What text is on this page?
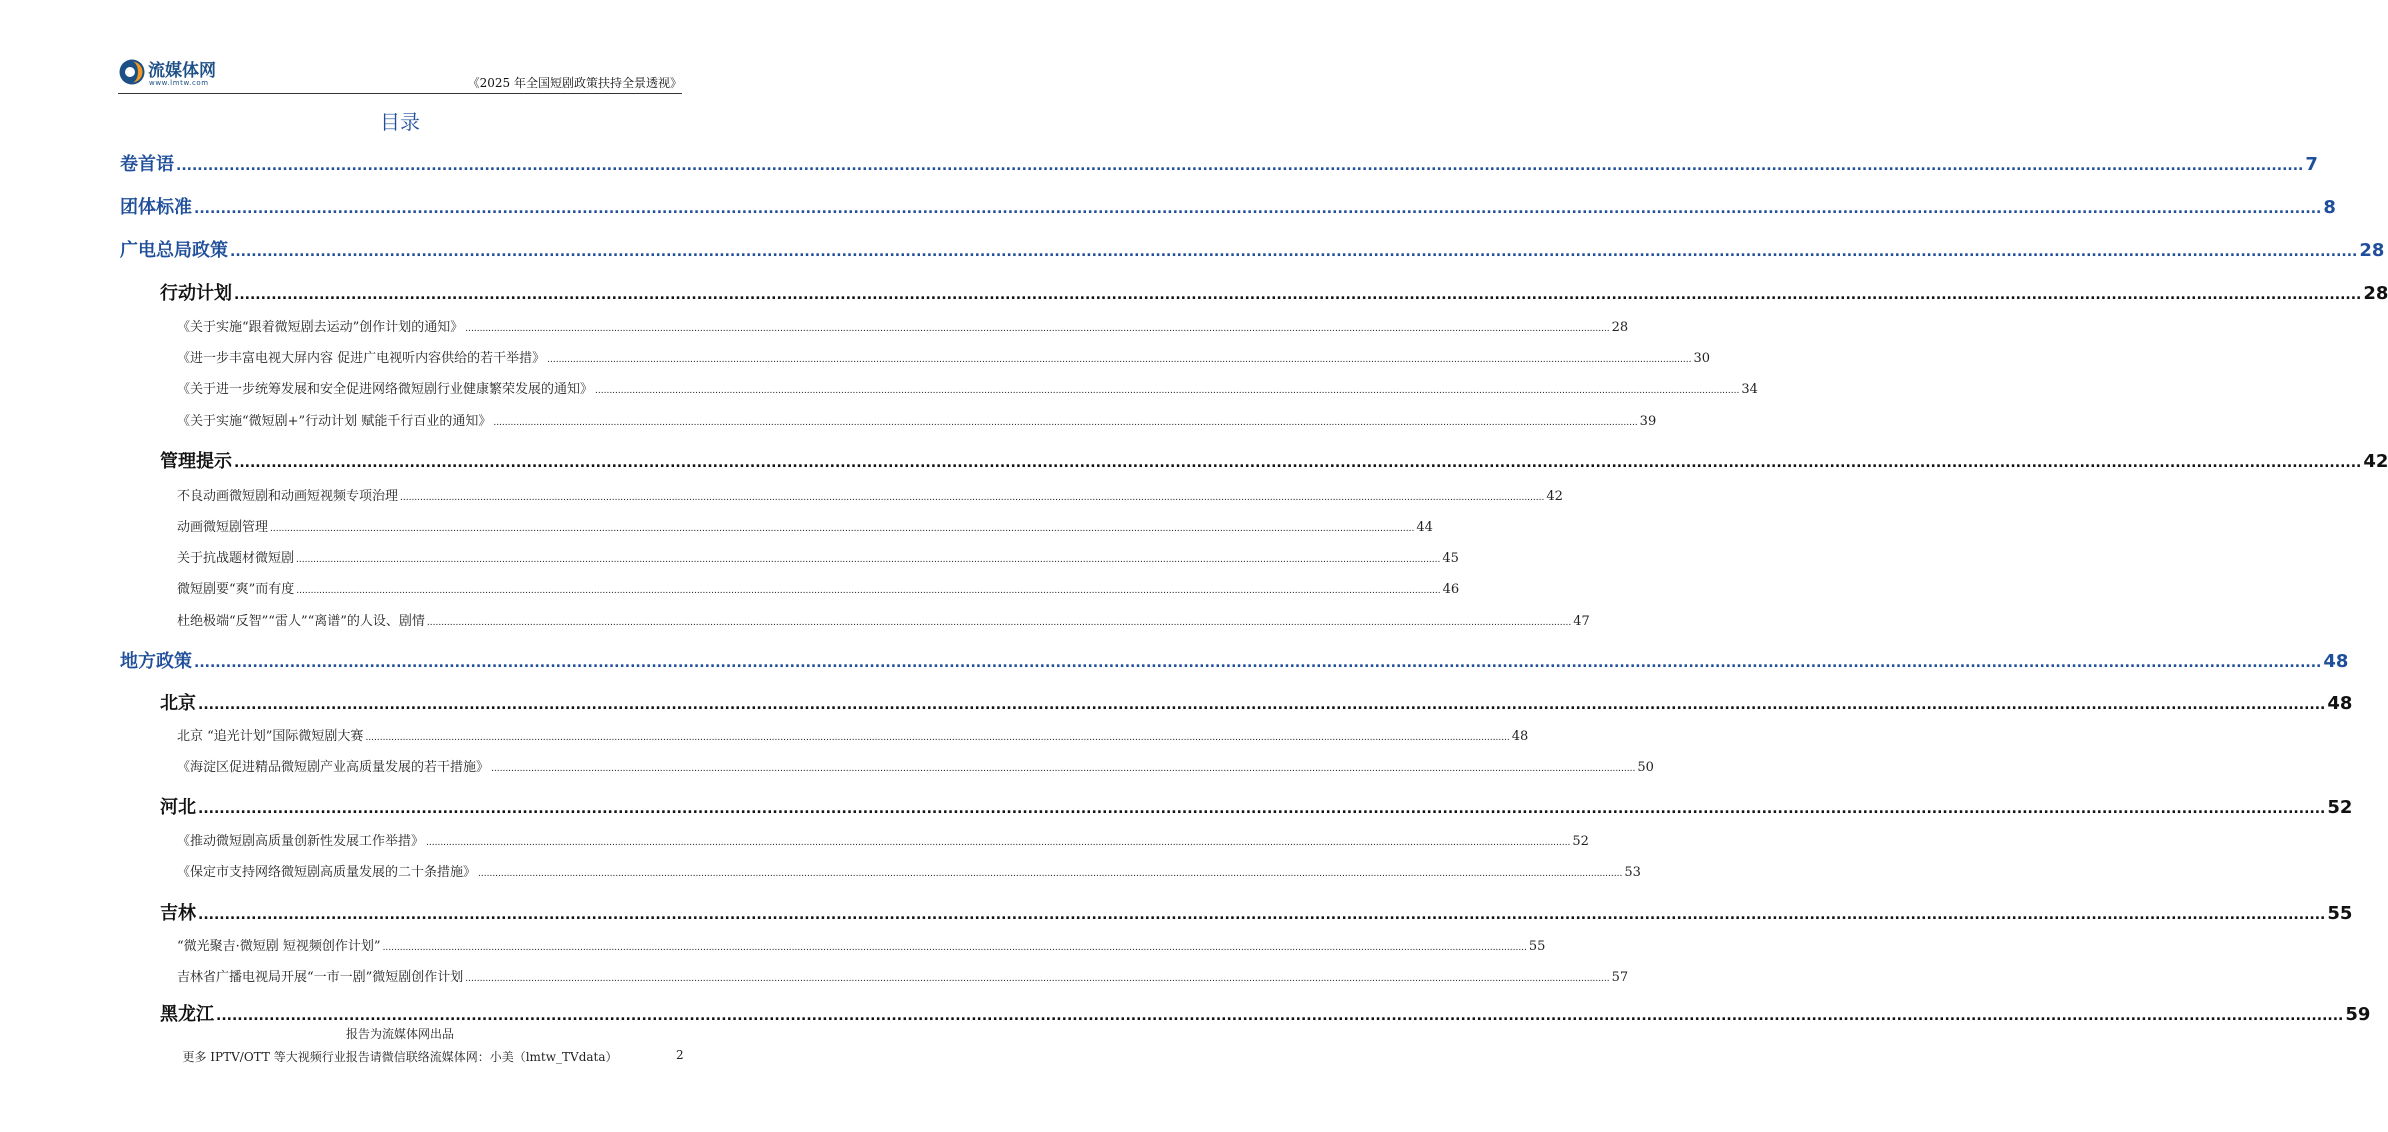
流媒体网
www.lmtw.com	《2025 年全国短剧政策扶持全景透视》
目录
卷首语 ................................................................................................................................................................................................................................................................................................................................................................................................................ 7
团体标准 ................................................................................................................................................................................................................................................................................................................................................................................................................ 8
广电总局政策 ................................................................................................................................................................................................................................................................................................................................................................................................................ 28
行动计划 ................................................................................................................................................................................................................................................................................................................................................................................................................ 28
《关于实施“跟着微短剧去运动”创作计划的通知》 ................................................................................................................................................................................................................................................................................................................................................................................................................ 28
《进一步丰富电视大屏内容 促进广电视听内容供给的若干举措》 ................................................................................................................................................................................................................................................................................................................................................................................................................ 30
《关于进一步统筹发展和安全促进网络微短剧行业健康繁荣发展的通知》 ................................................................................................................................................................................................................................................................................................................................................................................................................ 34
《关于实施“微短剧+”行动计划 赋能千行百业的通知》 ................................................................................................................................................................................................................................................................................................................................................................................................................ 39
管理提示 ................................................................................................................................................................................................................................................................................................................................................................................................................ 42
不良动画微短剧和动画短视频专项治理 ................................................................................................................................................................................................................................................................................................................................................................................................................ 42
动画微短剧管理 ................................................................................................................................................................................................................................................................................................................................................................................................................ 44
关于抗战题材微短剧 ................................................................................................................................................................................................................................................................................................................................................................................................................ 45
微短剧要“爽”而有度 ................................................................................................................................................................................................................................................................................................................................................................................................................ 46
杜绝极端“反智”“雷人”“离谱”的人设、剧情 ................................................................................................................................................................................................................................................................................................................................................................................................................ 47
地方政策 ................................................................................................................................................................................................................................................................................................................................................................................................................ 48
北京 ................................................................................................................................................................................................................................................................................................................................................................................................................ 48
北京 “追光计划”国际微短剧大赛 ................................................................................................................................................................................................................................................................................................................................................................................................................ 48
《海淀区促进精品微短剧产业高质量发展的若干措施》 ................................................................................................................................................................................................................................................................................................................................................................................................................ 50
河北 ................................................................................................................................................................................................................................................................................................................................................................................................................ 52
《推动微短剧高质量创新性发展工作举措》 ................................................................................................................................................................................................................................................................................................................................................................................................................ 52
《保定市支持网络微短剧高质量发展的二十条措施》 ................................................................................................................................................................................................................................................................................................................................................................................................................ 53
吉林 ................................................................................................................................................................................................................................................................................................................................................................................................................ 55
“微光聚吉·微短剧 短视频创作计划” ................................................................................................................................................................................................................................................................................................................................................................................................................ 55
吉林省广播电视局开展“一市一剧”微短剧创作计划 ................................................................................................................................................................................................................................................................................................................................................................................................................ 57
黑龙江 ................................................................................................................................................................................................................................................................................................................................................................................................................ 59
报告为流媒体网出品
更多 IPTV/OTT 等大视频行业报告请微信联络流媒体网：小美（lmtw_TVdata）	2
